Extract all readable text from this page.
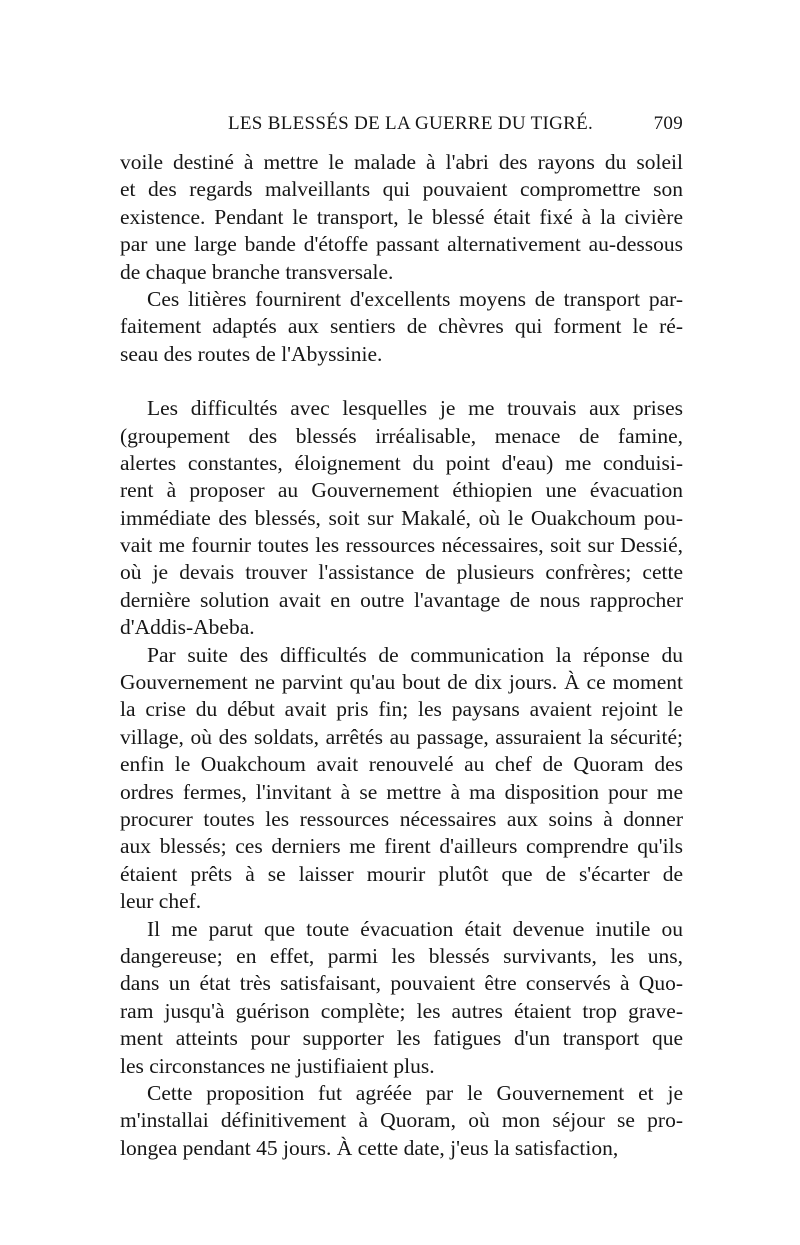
LES BLESSÉS DE LA GUERRE DU TIGRÉ.	709
voile destiné à mettre le malade à l'abri des rayons du soleil
et des regards malveillants qui pouvaient compromettre son
existence. Pendant le transport, le blessé était fixé à la civière
par une large bande d'étoffe passant alternativement au-dessous
de chaque branche transversale.
Ces litières fournirent d'excellents moyens de transport par-
faitement adaptés aux sentiers de chèvres qui forment le ré-
seau des routes de l'Abyssinie.
Les difficultés avec lesquelles je me trouvais aux prises
(groupement des blessés irréalisable, menace de famine,
alertes constantes, éloignement du point d'eau) me conduisi-
rent à proposer au Gouvernement éthiopien une évacuation
immédiate des blessés, soit sur Makalé, où le Ouakchoum pou-
vait me fournir toutes les ressources nécessaires, soit sur Dessié,
où je devais trouver l'assistance de plusieurs confrères; cette
dernière solution avait en outre l'avantage de nous rapprocher
d'Addis-Abeba.
Par suite des difficultés de communication la réponse du
Gouvernement ne parvint qu'au bout de dix jours. À ce moment
la crise du début avait pris fin; les paysans avaient rejoint le
village, où des soldats, arrêtés au passage, assuraient la sécurité;
enfin le Ouakchoum avait renouvelé au chef de Quoram des
ordres fermes, l'invitant à se mettre à ma disposition pour me
procurer toutes les ressources nécessaires aux soins à donner
aux blessés; ces derniers me firent d'ailleurs comprendre qu'ils
étaient prêts à se laisser mourir plutôt que de s'écarter de
leur chef.
Il me parut que toute évacuation était devenue inutile ou
dangereuse; en effet, parmi les blessés survivants, les uns,
dans un état très satisfaisant, pouvaient être conservés à Quo-
ram jusqu'à guérison complète; les autres étaient trop grave-
ment atteints pour supporter les fatigues d'un transport que
les circonstances ne justifiaient plus.
Cette proposition fut agréée par le Gouvernement et je
m'installai définitivement à Quoram, où mon séjour se pro-
longea pendant 45 jours. À cette date, j'eus la satisfaction,
